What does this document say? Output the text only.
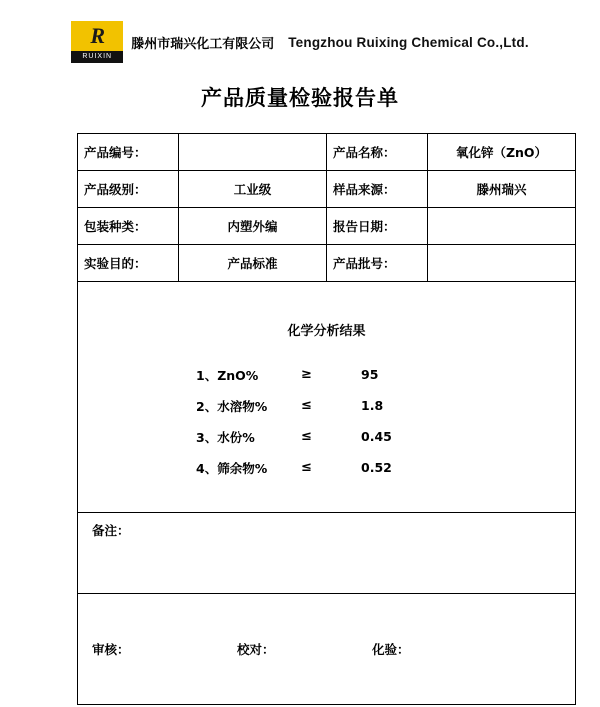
R
RUIXIN
滕州市瑞兴化工有限公司 Tengzhou Ruixing Chemical Co.,Ltd.
产品质量检验报告单
产品编号：		产品名称：	氧化锌（ZnO）
产品级别：	工业级	样品来源：	滕州瑞兴
包装种类：	内塑外编	报告日期：	
实验目的：	产品标准	产品批号：	

化学分析结果
1、ZnO%	≥	95
2、水溶物%	≤	1.8
3、水份%	≤	0.45
4、筛余物%	≤	0.52

备注：			

审核： 校对： 化验：			
